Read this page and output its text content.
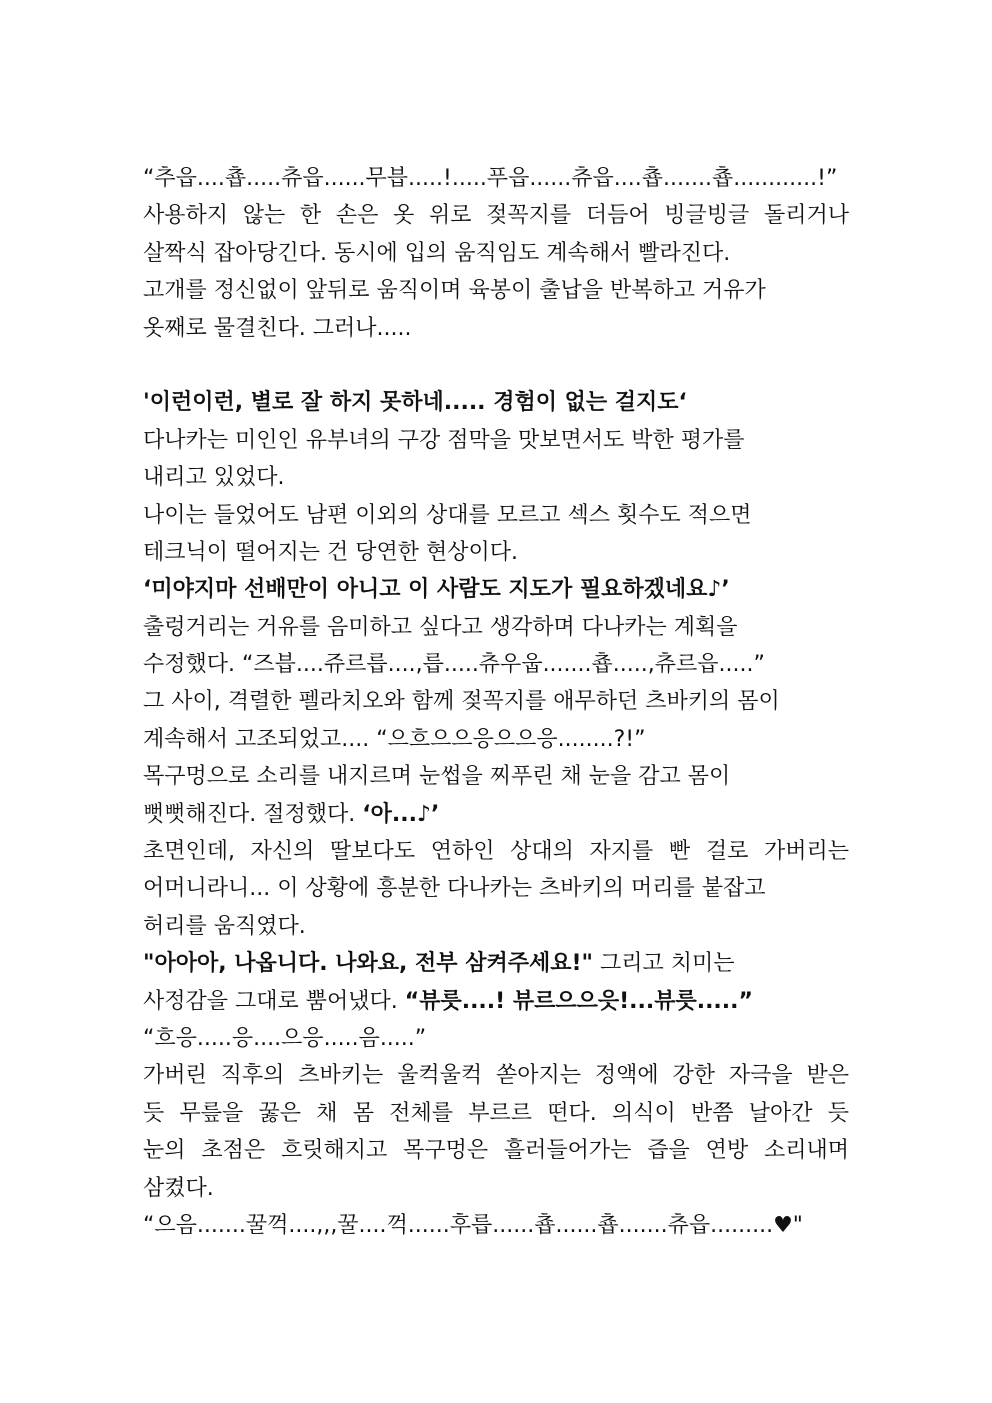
“추읍....춉.....츄읍......무븝.....!.....푸읍......츄읍....춉.......춉............!”
사용하지 않는 한 손은 옷 위로 젖꼭지를 더듬어 빙글빙글 돌리거나
살짝식 잡아당긴다. 동시에 입의 움직임도 계속해서 빨라진다.
고개를 정신없이 앞뒤로 움직이며 육봉이 출납을 반복하고 거유가
옷째로 물결친다. 그러나.....
'이런이런, 별로 잘 하지 못하네..... 경험이 없는 걸지도‘
다나카는 미인인 유부녀의 구강 점막을 맛보면서도 박한 평가를
내리고 있었다.
나이는 들었어도 남편 이외의 상대를 모르고 섹스 횟수도 적으면
테크닉이 떨어지는 건 당연한 현상이다.
‘미야지마 선배만이 아니고 이 사람도 지도가 필요하겠네요♪’
출렁거리는 거유를 음미하고 싶다고 생각하며 다나카는 계획을
수정했다. “즈븝....쥬르릅....,릅.....츄우웁.......춉.....,츄르읍.....”
그 사이, 격렬한 펠라치오와 함께 젖꼭지를 애무하던 츠바키의 몸이
계속해서 고조되었고.... “으흐으으응으으응........?!”
목구멍으로 소리를 내지르며 눈썹을 찌푸린 채 눈을 감고 몸이
뻣뻣해진다. 절정했다. ‘아...♪’
초면인데, 자신의 딸보다도 연하인 상대의 자지를 빤 걸로 가버리는
어머니라니... 이 상황에 흥분한 다나카는 츠바키의 머리를 붙잡고
허리를 움직였다.
"아아아, 나옵니다. 나와요, 전부 삼켜주세요!" 그리고 치미는
사정감을 그대로 뿜어냈다. “뷰릇....! 뷰르으으읏!...뷰릇.....”
“흐응.....응....으응.....음.....”
가버린 직후의 츠바키는 울컥울컥 쏟아지는 정액에 강한 자극을 받은
듯 무릎을 꿇은 채 몸 전체를 부르르 떤다. 의식이 반쯤 날아간 듯
눈의 초점은 흐릿해지고 목구멍은 흘러들어가는 즙을 연방 소리내며
삼켰다.
“으음.......꿀꺽....,,,꿀....꺽......후릅......춉......춉.......츄읍.........♥"
